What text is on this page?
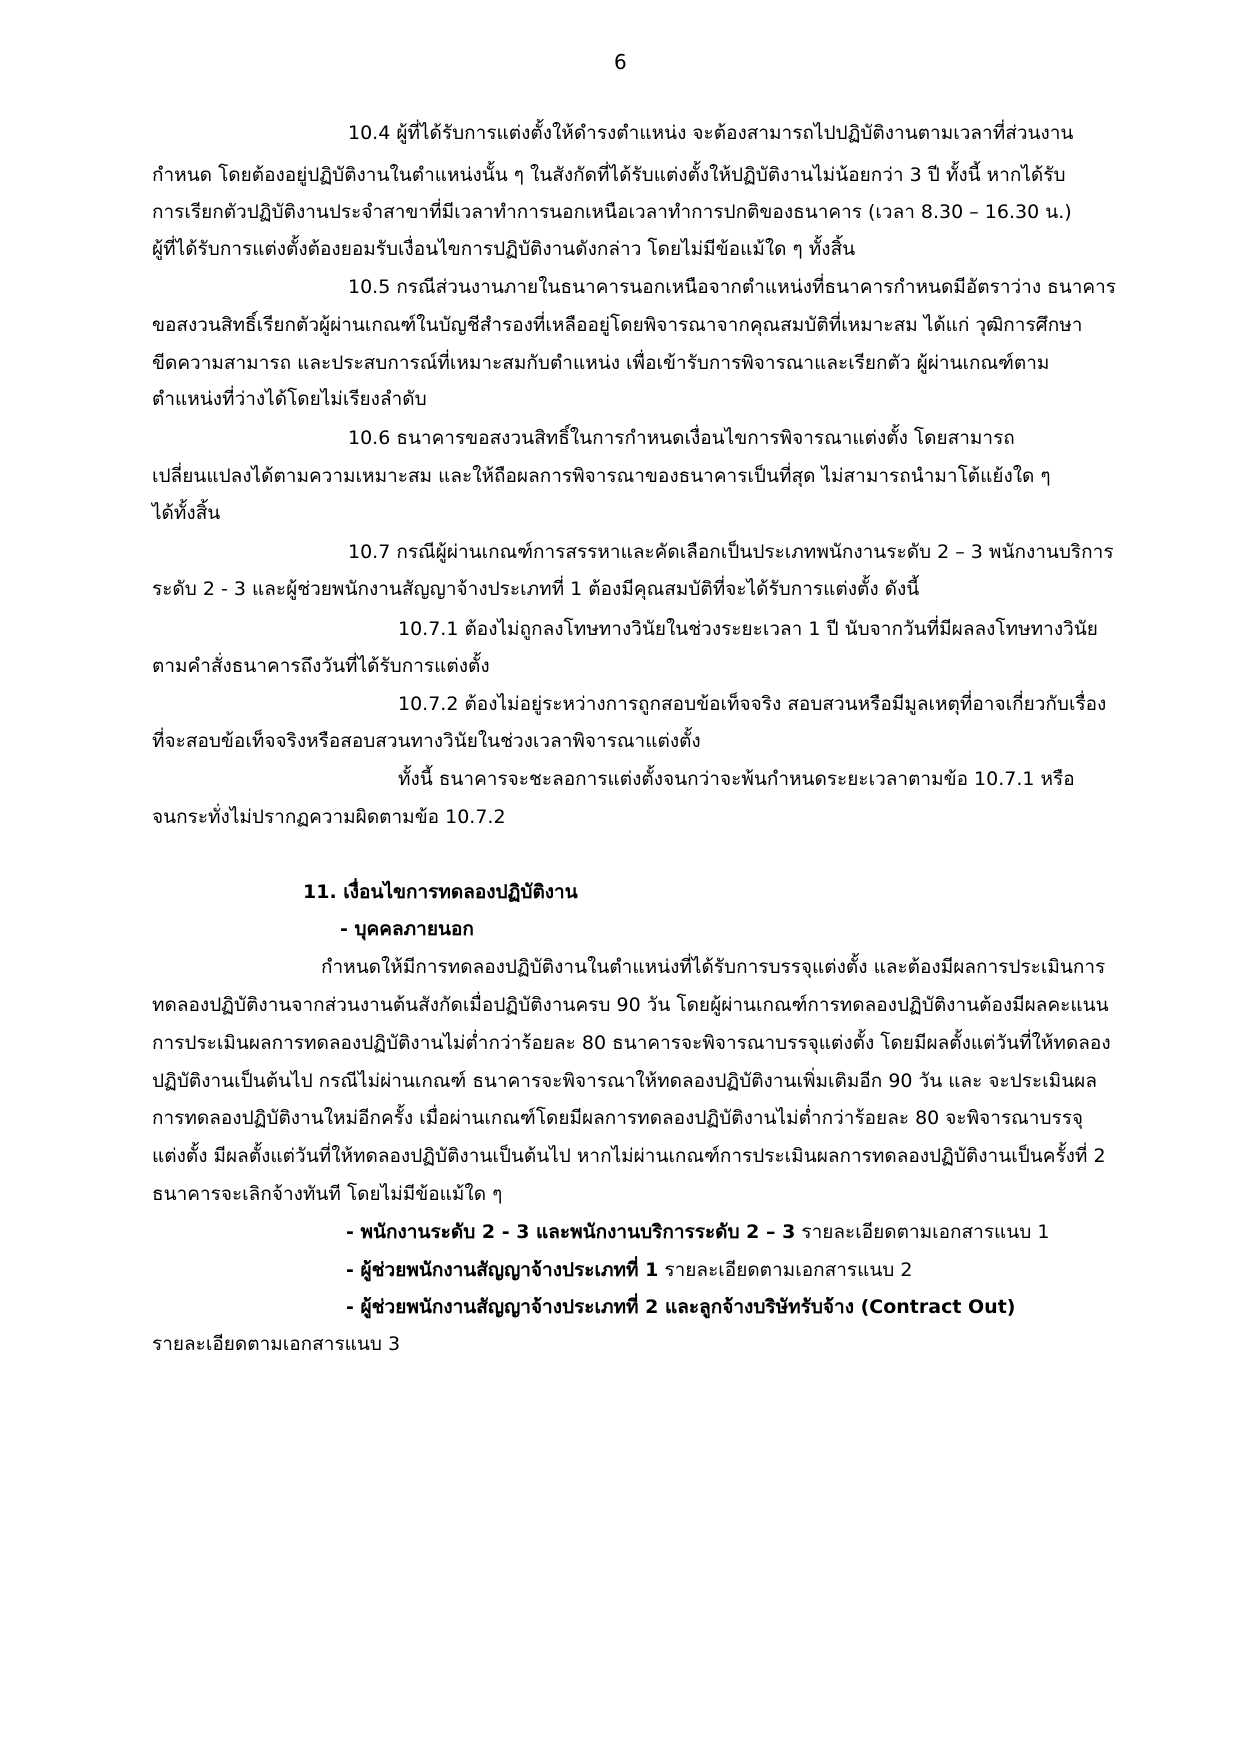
6
10.4 ผู้ที่ได้รับการแต่งตั้งให้ดำรงตำแหน่ง จะต้องสามารถไปปฏิบัติงานตามเวลาที่ส่วนงาน
กำหนด โดยต้องอยู่ปฏิบัติงานในตำแหน่งนั้น ๆ ในสังกัดที่ได้รับแต่งตั้งให้ปฏิบัติงานไม่น้อยกว่า 3 ปี ทั้งนี้ หากได้รับ
การเรียกตัวปฏิบัติงานประจำสาขาที่มีเวลาทำการนอกเหนือเวลาทำการปกติของธนาคาร (เวลา 8.30 – 16.30 น.)
ผู้ที่ได้รับการแต่งตั้งต้องยอมรับเงื่อนไขการปฏิบัติงานดังกล่าว โดยไม่มีข้อแม้ใด ๆ ทั้งสิ้น
10.5 กรณีส่วนงานภายในธนาคารนอกเหนือจากตำแหน่งที่ธนาคารกำหนดมีอัตราว่าง ธนาคาร
ขอสงวนสิทธิ์เรียกตัวผู้ผ่านเกณฑ์ในบัญชีสำรองที่เหลืออยู่โดยพิจารณาจากคุณสมบัติที่เหมาะสม ได้แก่ วุฒิการศึกษา
ขีดความสามารถ และประสบการณ์ที่เหมาะสมกับตำแหน่ง เพื่อเข้ารับการพิจารณาและเรียกตัว ผู้ผ่านเกณฑ์ตาม
ตำแหน่งที่ว่างได้โดยไม่เรียงลำดับ
10.6 ธนาคารขอสงวนสิทธิ์ในการกำหนดเงื่อนไขการพิจารณาแต่งตั้ง โดยสามารถ
เปลี่ยนแปลงได้ตามความเหมาะสม และให้ถือผลการพิจารณาของธนาคารเป็นที่สุด ไม่สามารถนำมาโต้แย้งใด ๆ
ได้ทั้งสิ้น
10.7 กรณีผู้ผ่านเกณฑ์การสรรหาและคัดเลือกเป็นประเภทพนักงานระดับ 2 – 3 พนักงานบริการ
ระดับ 2 - 3 และผู้ช่วยพนักงานสัญญาจ้างประเภทที่ 1 ต้องมีคุณสมบัติที่จะได้รับการแต่งตั้ง ดังนี้
10.7.1 ต้องไม่ถูกลงโทษทางวินัยในช่วงระยะเวลา 1 ปี นับจากวันที่มีผลลงโทษทางวินัย
ตามคำสั่งธนาคารถึงวันที่ได้รับการแต่งตั้ง
10.7.2 ต้องไม่อยู่ระหว่างการถูกสอบข้อเท็จจริง สอบสวนหรือมีมูลเหตุที่อาจเกี่ยวกับเรื่อง
ที่จะสอบข้อเท็จจริงหรือสอบสวนทางวินัยในช่วงเวลาพิจารณาแต่งตั้ง
ทั้งนี้ ธนาคารจะชะลอการแต่งตั้งจนกว่าจะพ้นกำหนดระยะเวลาตามข้อ 10.7.1 หรือ
จนกระทั่งไม่ปรากฏความผิดตามข้อ 10.7.2
11. เงื่อนไขการทดลองปฏิบัติงาน
- บุคคลภายนอก
กำหนดให้มีการทดลองปฏิบัติงานในตำแหน่งที่ได้รับการบรรจุแต่งตั้ง และต้องมีผลการประเมินการ
ทดลองปฏิบัติงานจากส่วนงานต้นสังกัดเมื่อปฏิบัติงานครบ 90 วัน โดยผู้ผ่านเกณฑ์การทดลองปฏิบัติงานต้องมีผลคะแนน
การประเมินผลการทดลองปฏิบัติงานไม่ต่ำกว่าร้อยละ 80 ธนาคารจะพิจารณาบรรจุแต่งตั้ง โดยมีผลตั้งแต่วันที่ให้ทดลอง
ปฏิบัติงานเป็นต้นไป กรณีไม่ผ่านเกณฑ์ ธนาคารจะพิจารณาให้ทดลองปฏิบัติงานเพิ่มเติมอีก 90 วัน และ จะประเมินผล
การทดลองปฏิบัติงานใหม่อีกครั้ง เมื่อผ่านเกณฑ์โดยมีผลการทดลองปฏิบัติงานไม่ต่ำกว่าร้อยละ 80 จะพิจารณาบรรจุ
แต่งตั้ง มีผลตั้งแต่วันที่ให้ทดลองปฏิบัติงานเป็นต้นไป หากไม่ผ่านเกณฑ์การประเมินผลการทดลองปฏิบัติงานเป็นครั้งที่ 2
ธนาคารจะเลิกจ้างทันที โดยไม่มีข้อแม้ใด ๆ
- พนักงานระดับ 2 - 3 และพนักงานบริการระดับ 2 – 3 รายละเอียดตามเอกสารแนบ 1
- ผู้ช่วยพนักงานสัญญาจ้างประเภทที่ 1 รายละเอียดตามเอกสารแนบ 2
- ผู้ช่วยพนักงานสัญญาจ้างประเภทที่ 2 และลูกจ้างบริษัทรับจ้าง (Contract Out)
รายละเอียดตามเอกสารแนบ 3
